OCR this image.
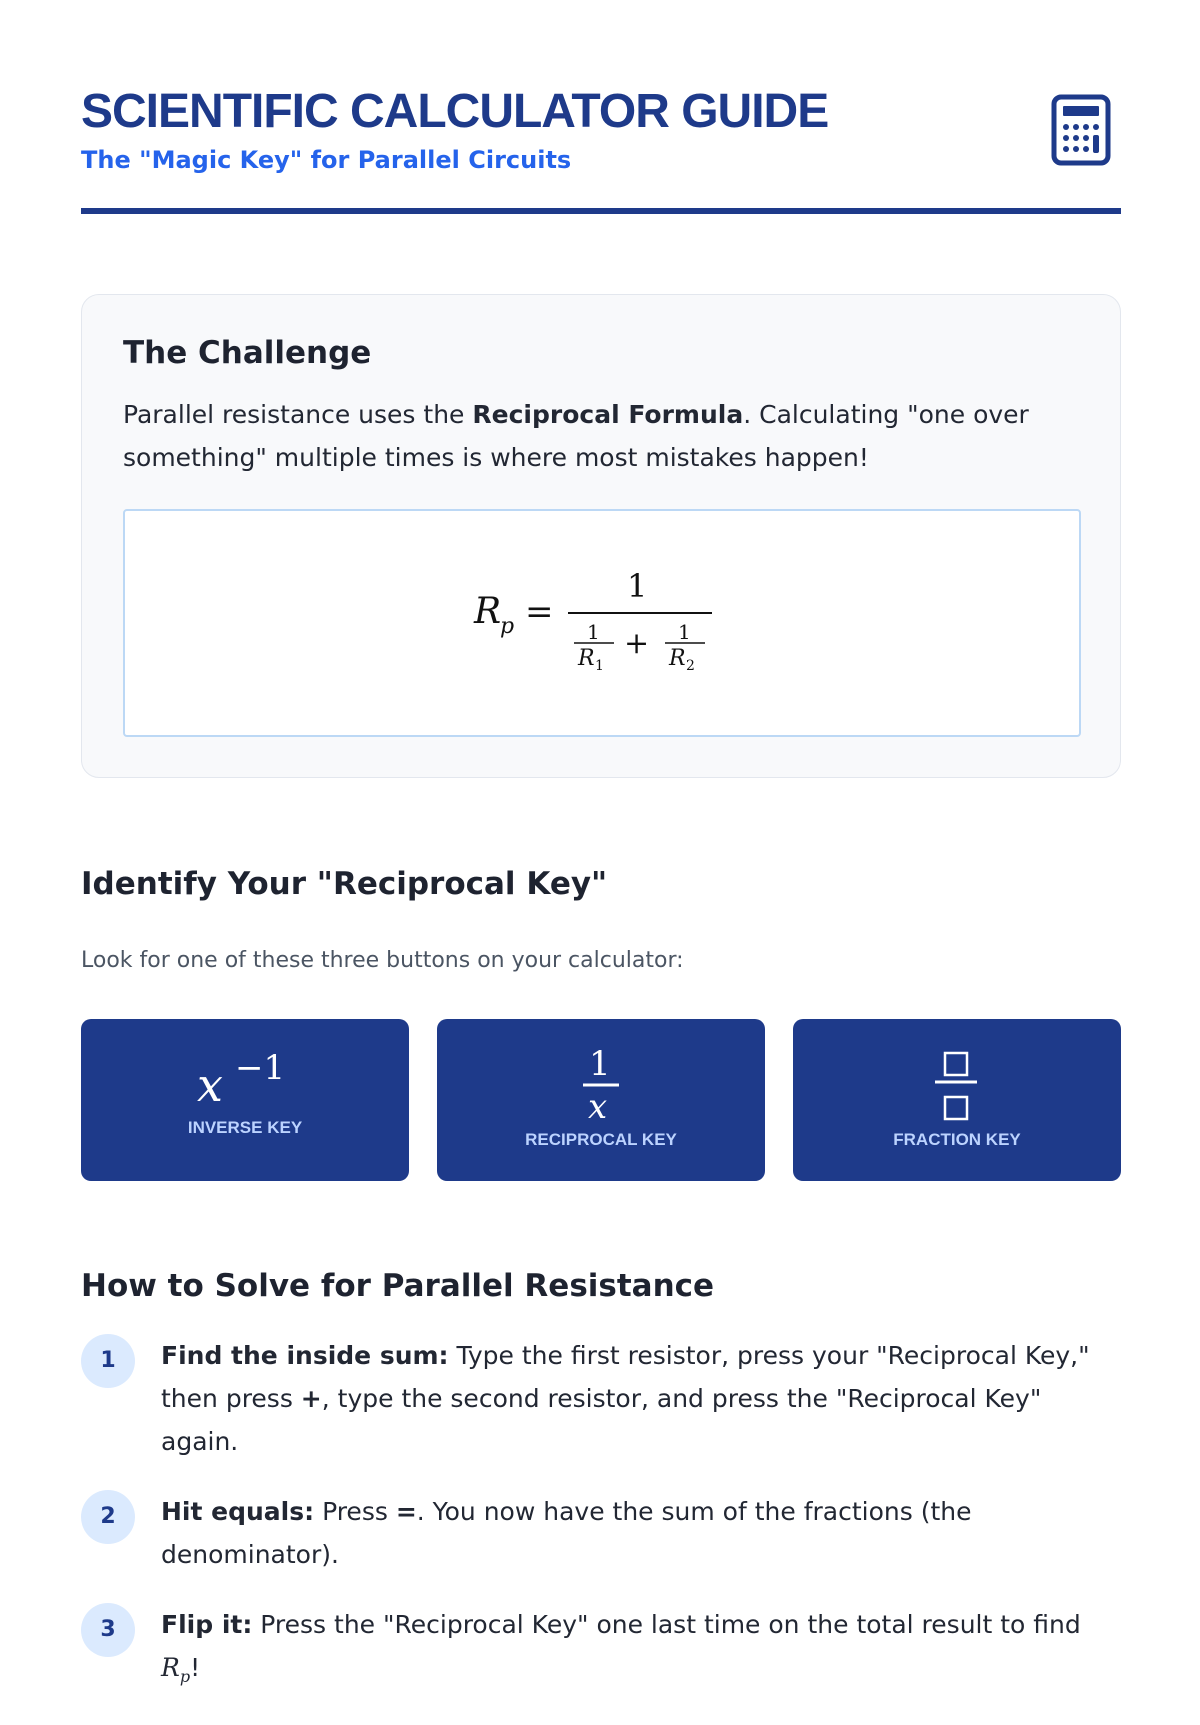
SCIENTIFIC CALCULATOR GUIDE
The "Magic Key" for Parallel Circuits
The Challenge

Parallel resistance uses the Reciprocal Formula. Calculating "one over something" multiple times is where most mistakes happen!

R
p =
1
1
R 1
+ 1
R 2
Identify Your "Reciprocal Key"
Look for one of these three buttons on your calculator:
x −1
INVERSE KEY
1
x
RECIPROCAL KEY	FRACTION KEY
How to Solve for Parallel Resistance
1	Find the inside sum: Type the first resistor, press your "Reciprocal Key," then press +, type the second resistor, and press the "Reciprocal Key" again.
2	Hit equals: Press =. You now have the sum of the fractions (the denominator).
3	Flip it: Press the "Reciprocal Key" one last time on the total result to find $R_p$!
